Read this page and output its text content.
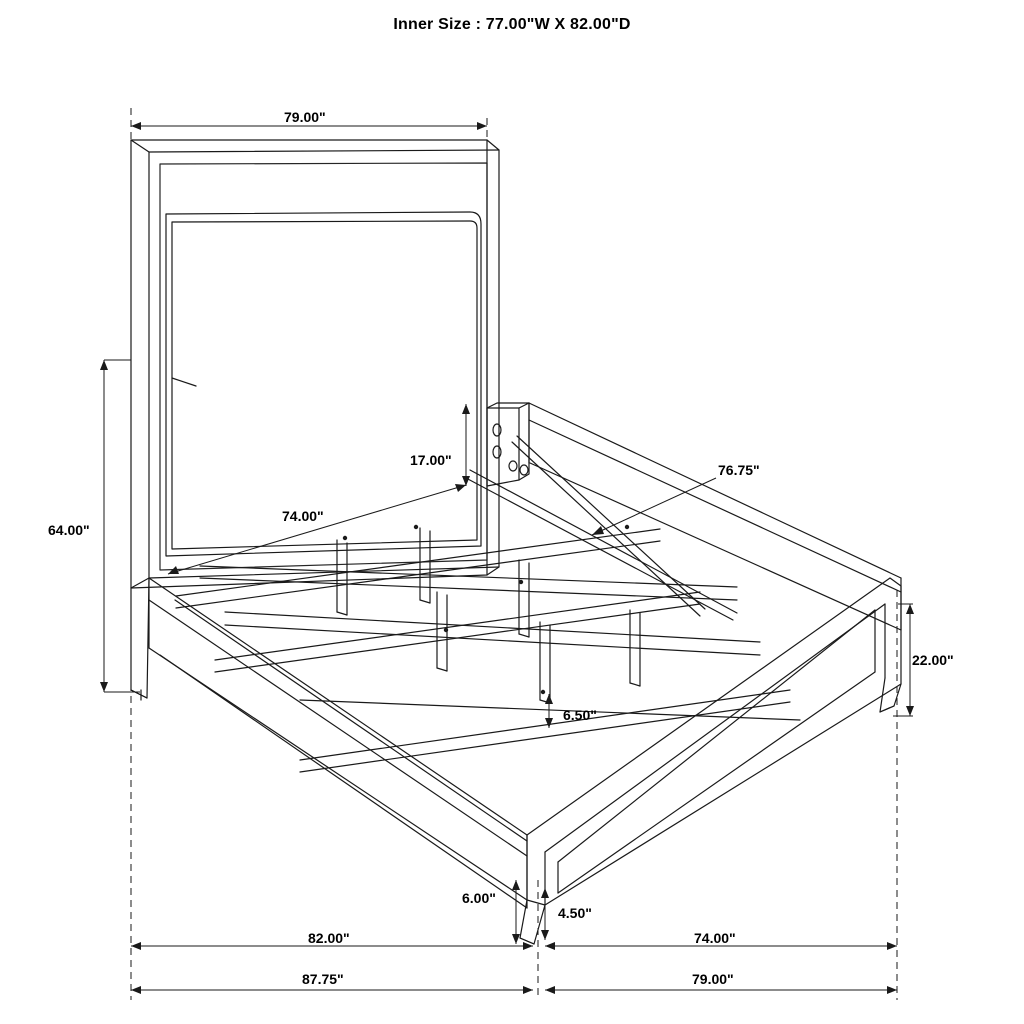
Inner Size : 77.00"W X 82.00"D
79.00"
64.00"
17.00"
74.00"
76.75"
22.00"
6.50"
6.00"
4.50"
82.00"	74.00"
87.75"	79.00"
